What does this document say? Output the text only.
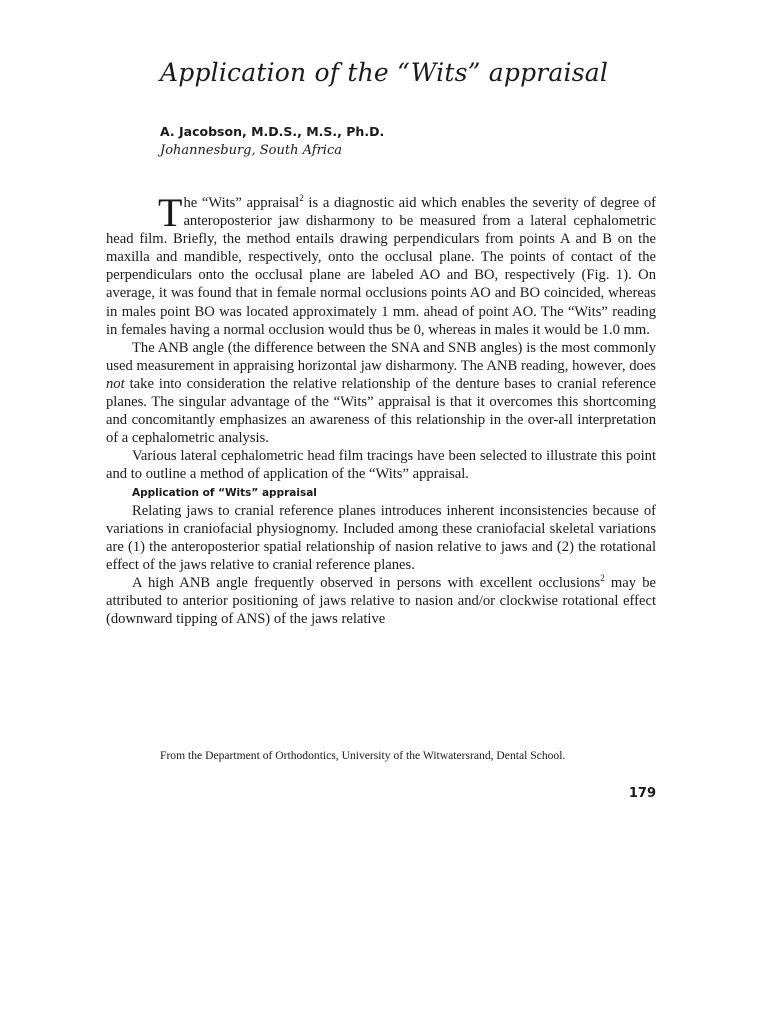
Application of the “Wits” appraisal

A. Jacobson, M.D.S., M.S., Ph.D.

Johannesburg, South Africa

The “Wits” appraisal$^2$ is a diagnostic aid which enables the severity of degree of anteroposterior jaw disharmony to be measured from a lateral cephalometric head film. Briefly, the method entails drawing perpendiculars from points A and B on the maxilla and mandible, respectively, onto the occlusal plane. The points of contact of the perpendiculars onto the occlusal plane are labeled AO and BO, respectively (Fig. 1). On average, it was found that in female normal occlusions points AO and BO coincided, whereas in males point BO was located approximately 1 mm. ahead of point AO. The “Wits” reading in females having a normal occlusion would thus be 0, whereas in males it would be 1.0 mm.

The ANB angle (the difference between the SNA and SNB angles) is the most commonly used measurement in appraising horizontal jaw disharmony. The ANB reading, however, does not take into consideration the relative relationship of the denture bases to cranial reference planes. The singular advantage of the “Wits” appraisal is that it overcomes this shortcoming and concomitantly emphasizes an awareness of this relationship in the over-all interpretation of a cephalometric analysis.

Various lateral cephalometric head film tracings have been selected to illustrate this point and to outline a method of application of the “Wits” appraisal.

Application of “Wits” appraisal

Relating jaws to cranial reference planes introduces inherent inconsistencies because of variations in craniofacial physiognomy. Included among these craniofacial skeletal variations are (1) the anteroposterior spatial relationship of nasion relative to jaws and (2) the rotational effect of the jaws relative to cranial reference planes.

A high ANB angle frequently observed in persons with excellent occlusions$^2$ may be attributed to anterior positioning of jaws relative to nasion and/or clockwise rotational effect (downward tipping of ANS) of the jaws relative

From the Department of Orthodontics, University of the Witwatersrand, Dental School.

179
